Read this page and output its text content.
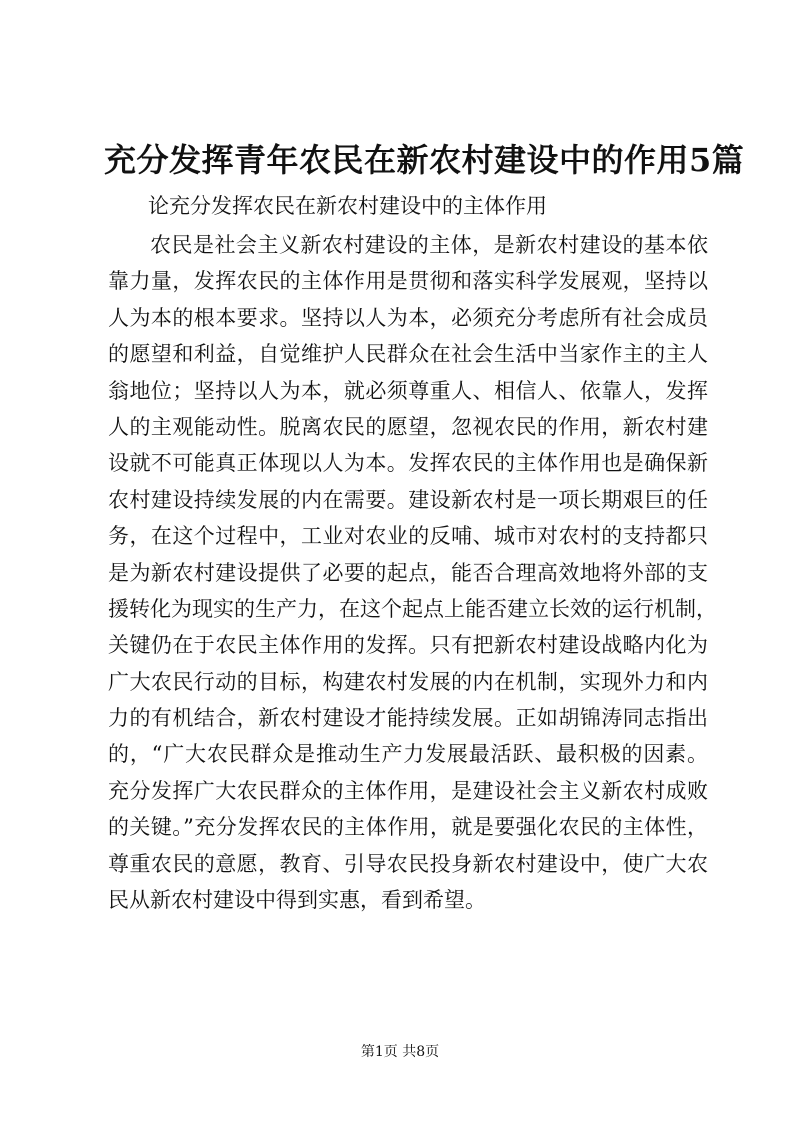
充分发挥青年农民在新农村建设中的作用5篇

论充分发挥农民在新农村建设中的主体作用

农民是社会主义新农村建设的主体，是新农村建设的基本依
靠力量，发挥农民的主体作用是贯彻和落实科学发展观，坚持以
人为本的根本要求。坚持以人为本，必须充分考虑所有社会成员
的愿望和利益，自觉维护人民群众在社会生活中当家作主的主人
翁地位；坚持以人为本，就必须尊重人、相信人、依靠人，发挥
人的主观能动性。脱离农民的愿望，忽视农民的作用，新农村建
设就不可能真正体现以人为本。发挥农民的主体作用也是确保新
农村建设持续发展的内在需要。建设新农村是一项长期艰巨的任
务，在这个过程中，工业对农业的反哺、城市对农村的支持都只
是为新农村建设提供了必要的起点，能否合理高效地将外部的支
援转化为现实的生产力，在这个起点上能否建立长效的运行机制，
关键仍在于农民主体作用的发挥。只有把新农村建设战略内化为
广大农民行动的目标，构建农村发展的内在机制，实现外力和内
力的有机结合，新农村建设才能持续发展。正如胡锦涛同志指出
的，“广大农民群众是推动生产力发展最活跃、最积极的因素。
充分发挥广大农民群众的主体作用，是建设社会主义新农村成败
的关键。”充分发挥农民的主体作用，就是要强化农民的主体性，
尊重农民的意愿，教育、引导农民投身新农村建设中，使广大农
民从新农村建设中得到实惠，看到希望。
第1页 共8页
